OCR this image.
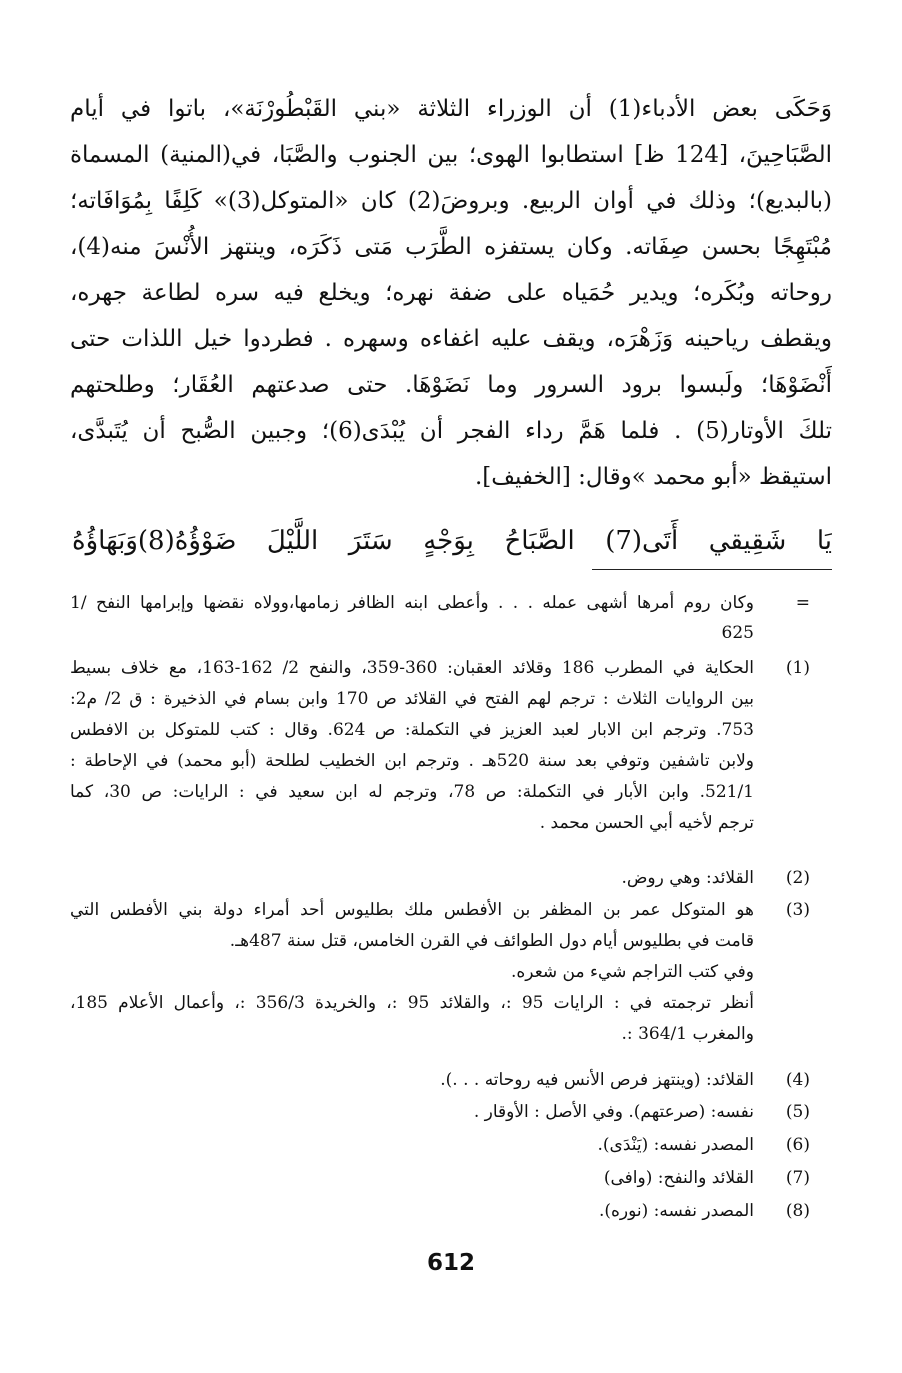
وَحَكَى بعض الأدباء(1) أن الوزراء الثلاثة «بني القَبْطُورْنَة»، باتوا في أيام
الصَّبَاحِينَ، [124 ظ] استطابوا الهوى؛ بين الجنوب والصَّبَا، في(المنية) المسماة
(بالبديع)؛ وذلك في أوان الربيع. وبروضَ(2) كان «المتوكل(3)» كَلِفًا بِمُوَافَاته؛
مُبْتَهِجًا بحسن صِفَاته. وكان يستفزه الطَّرَب مَتى ذَكَرَه، وينتهز الأُنْسَ منه(4)،
روحاته وبُكَره؛ ويدير حُمَياه على ضفة نهره؛ ويخلع فيه سره لطاعة جهره،
ويقطف رياحينه وَزَهْرَه، ويقف عليه اغفاءه وسهره . فطردوا خيل اللذات حتى
أَنْضَوْهَا؛ ولَبسوا برود السرور وما نَضَوْهَا. حتى صدعتهم العُقَار؛ وطلحتهم
تلكَ الأوتار(5) . فلما هَمَّ رداء الفجر أن يُبْدَى(6)؛ وجبين الصُّبح أن يُتَبدَّى،
استيقظ «أبو محمد »وقال: [الخفيف].
يَا شَقِيقي أَتَى(7) الصَّبَاحُ بِوَجْهٍ سَتَرَ اللَّيْلَ ضَوْؤُهُ(8)وَبَهَاؤُهُ
=
وكان روم أمرها أشهى عمله . . . وأعطى ابنه الظافر زمامها،وولاه نقضها وإبرامها النفح /1
625
(1)
الحكاية في المطرب 186 وقلائد العقبان: 360-359، والنفح 2/ 162-163، مع خلاف بسيط
بين الروايات الثلاث : ترجم لهم الفتح في القلائد ص 170 وابن بسام في الذخيرة : ق 2/ م2:
753. وترجم ابن الابار لعبد العزيز في التكملة: ص 624. وقال : كتب للمتوكل بن الافطس
ولابن تاشفين وتوفي بعد سنة 520هـ . وترجم ابن الخطيب لطلحة (أبو محمد) في الإحاطة :
521/1. وابن الأبار في التكملة: ص 78، وترجم له ابن سعيد في : الرايات: ص 30، كما
ترجم لأخيه أبي الحسن محمد .
(2)
القلائد: وهي روض.
(3)
هو المتوكل عمر بن المظفر بن الأفطس ملك بطليوس أحد أمراء دولة بني الأفطس التي
قامت في بطليوس أيام دول الطوائف في القرن الخامس، قتل سنة 487هـ.
وفي كتب التراجم شيء من شعره.
أنظر ترجمته في : الرايات 95 :، والقلائد 95 :، والخريدة 356/3 :، وأعمال الأعلام 185،
والمغرب 364/1 :.
(4)
القلائد: (وينتهز فرص الأنس فيه روحاته . . .).
(5)
نفسه: (صرعتهم). وفي الأصل : الأوقار .
(6)
المصدر نفسه: (يَنْدَى).
(7)
القلائد والنفح: (وافى)
(8)
المصدر نفسه: (نوره).
612
